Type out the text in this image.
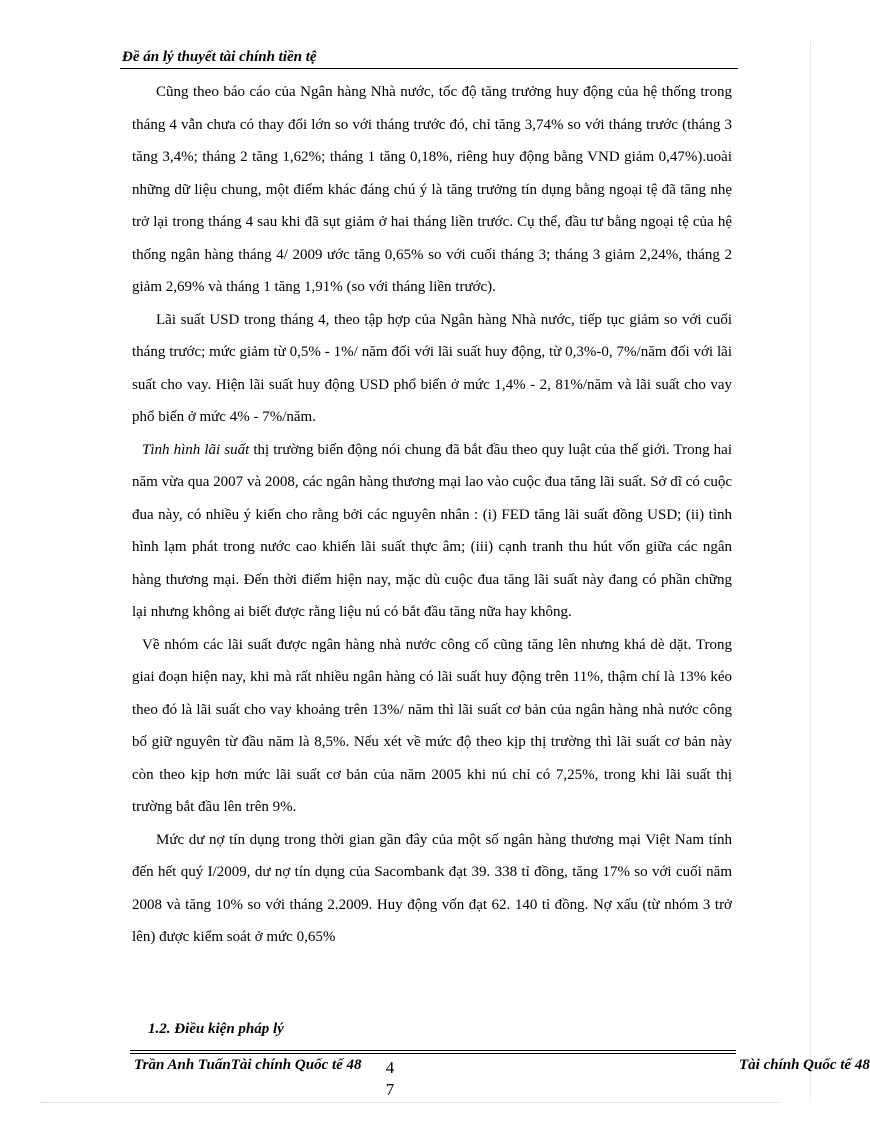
Đề án lý thuyết tài chính tiền tệ

Cũng theo báo cáo của Ngân hàng Nhà nước, tốc độ tăng trưởng huy động của hệ thống trong tháng 4 vẫn chưa có thay đổi lớn so với tháng trước đó, chỉ tăng 3,74% so với tháng trước (tháng 3 tăng 3,4%; tháng 2 tăng 1,62%; tháng 1 tăng 0,18%, riêng huy động bằng VND giảm 0,47%).uoài những dữ liệu chung, một điểm khác đáng chú ý là tăng trưởng tín dụng bằng ngoại tệ đã tăng nhẹ trở lại trong tháng 4 sau khi đã sụt giảm ở hai tháng liền trước. Cụ thể, đầu tư bằng ngoại tệ của hệ thống ngân hàng tháng 4/ 2009 ước tăng 0,65% so với cuối tháng 3; tháng 3 giảm 2,24%, tháng 2 giảm 2,69% và tháng 1 tăng 1,91% (so với tháng liền trước).

Lãi suất USD trong tháng 4, theo tập hợp của Ngân hàng Nhà nước, tiếp tục giảm so với cuối tháng trước; mức giảm từ 0,5% - 1%/ năm đối với lãi suất huy động, từ 0,3%-0, 7%/năm đối với lãi suất cho vay. Hiện lãi suất huy động USD phổ biến ở mức 1,4% - 2, 81%/năm và lãi suất cho vay phổ biến ở mức 4% - 7%/năm.

Tình hình lãi suất thị trường biến động nói chung đã bắt đầu theo quy luật của thế giới. Trong hai năm vừa qua 2007 và 2008, các ngân hàng thương mại lao vào cuộc đua tăng lãi suất. Sở dĩ có cuộc đua này, có nhiều ý kiến cho rằng bởi các nguyên nhân : (i) FED tăng lãi suất đồng USD; (ii) tình hình lạm phát trong nước cao khiến lãi suất thực âm; (iii) cạnh tranh thu hút vốn giữa các ngân hàng thương mại. Đến thời điểm hiện nay, mặc dù cuộc đua tăng lãi suất này đang có phần chững lại nhưng không ai biết được rằng liệu nú có bắt đầu tăng nữa hay không.

Về nhóm các lãi suất được ngân hàng nhà nước công cố cũng tăng lên nhưng khá dè dặt. Trong giai đoạn hiện nay, khi mà rất nhiều ngân hàng có lãi suất huy động trên 11%, thậm chí là 13% kéo theo đó là lãi suất cho vay khoảng trên 13%/ năm thì lãi suất cơ bản của ngân hàng nhà nước công bố giữ nguyên từ đầu năm là 8,5%. Nếu xét về mức độ theo kịp thị trường thì lãi suất cơ bản này còn theo kịp hơn mức lãi suất cơ bản của năm 2005 khi nú chỉ có 7,25%, trong khi lãi suất thị trường bắt đầu lên trên 9%.

Mức dư nợ tín dụng trong thời gian gần đây của một số ngân hàng thương mại Việt Nam tính đến hết quý I/2009, dư nợ tín dụng của Sacombank đạt 39. 338 tỉ đồng, tăng 17% so với cuối năm 2008 và tăng 10% so với tháng 2.2009. Huy động vốn đạt 62. 140 tỉ đồng. Nợ xấu (từ nhóm 3 trở lên) được kiểm soát ở mức 0,65%

1.2. Điều kiện pháp lý
Trần Anh TuấnTài chính Quốc tế 48 4
7
Tài chính Quốc tế 48
